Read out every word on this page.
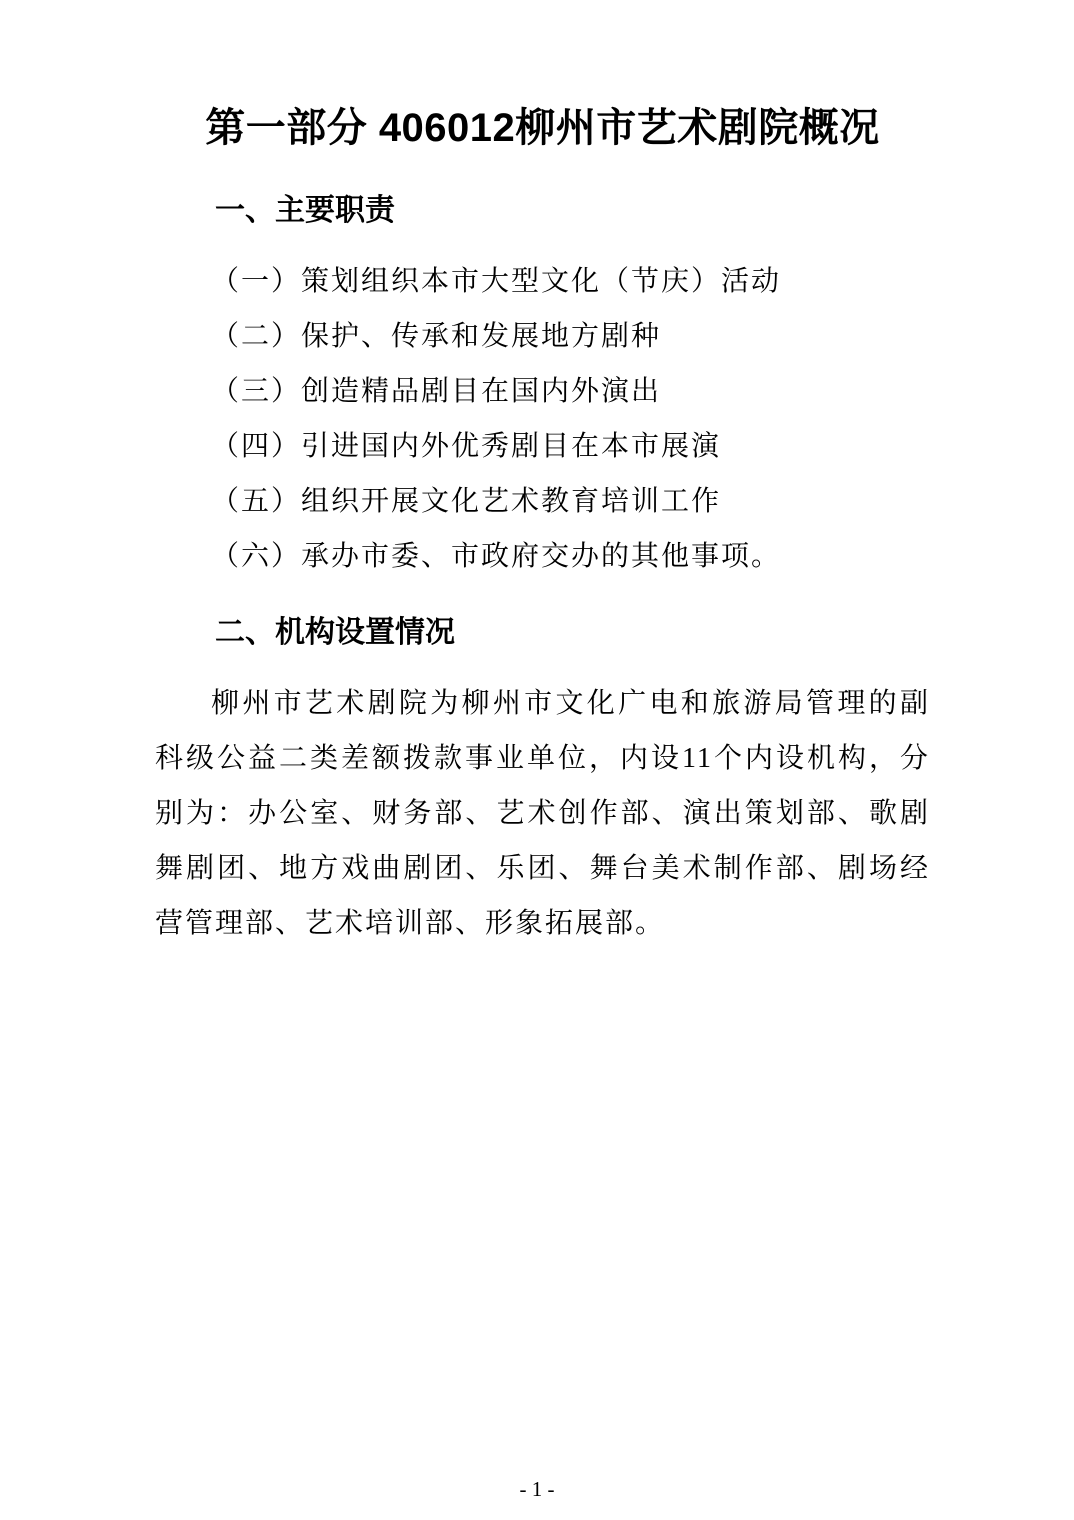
第一部分 406012柳州市艺术剧院概况
一、主要职责

（一）策划组织本市大型文化（节庆）活动

（二）保护、传承和发展地方剧种

（三）创造精品剧目在国内外演出

（四）引进国内外优秀剧目在本市展演

（五）组织开展文化艺术教育培训工作

（六）承办市委、市政府交办的其他事项。

二、机构设置情况

柳州市艺术剧院为柳州市文化广电和旅游局管理的副科级公益二类差额拨款事业单位，内设11个内设机构，分别为：办公室、财务部、艺术创作部、演出策划部、歌剧舞剧团、地方戏曲剧团、乐团、舞台美术制作部、剧场经营管理部、艺术培训部、形象拓展部。

- 1 -
